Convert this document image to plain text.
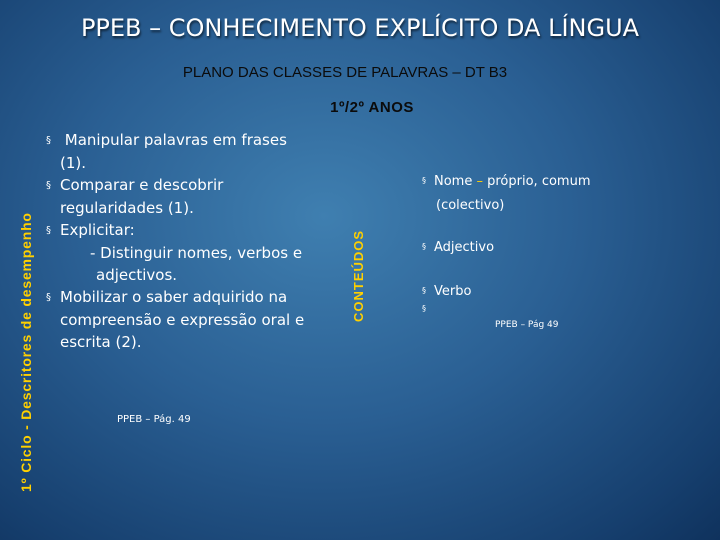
PPEB – CONHECIMENTO EXPLÍCITO DA LÍNGUA
PLANO DAS CLASSES DE PALAVRAS – DT B3
1º/2º ANOS
1º Ciclo - Descritores de desempenho	CONTEÚDOS
§ Manipular palavras em frases
(1).
§ Comparar e descobrir
regularidades (1).
§ Explicitar:
- Distinguir nomes, verbos e
adjectivos.
§ Mobilizar o saber adquirido na
compreensão e expressão oral e
escrita (2).
PPEB – Pág. 49
§ Nome – próprio, comum
(colectivo)
§ Adjectivo
§ Verbo
§
PPEB – Pág 49
